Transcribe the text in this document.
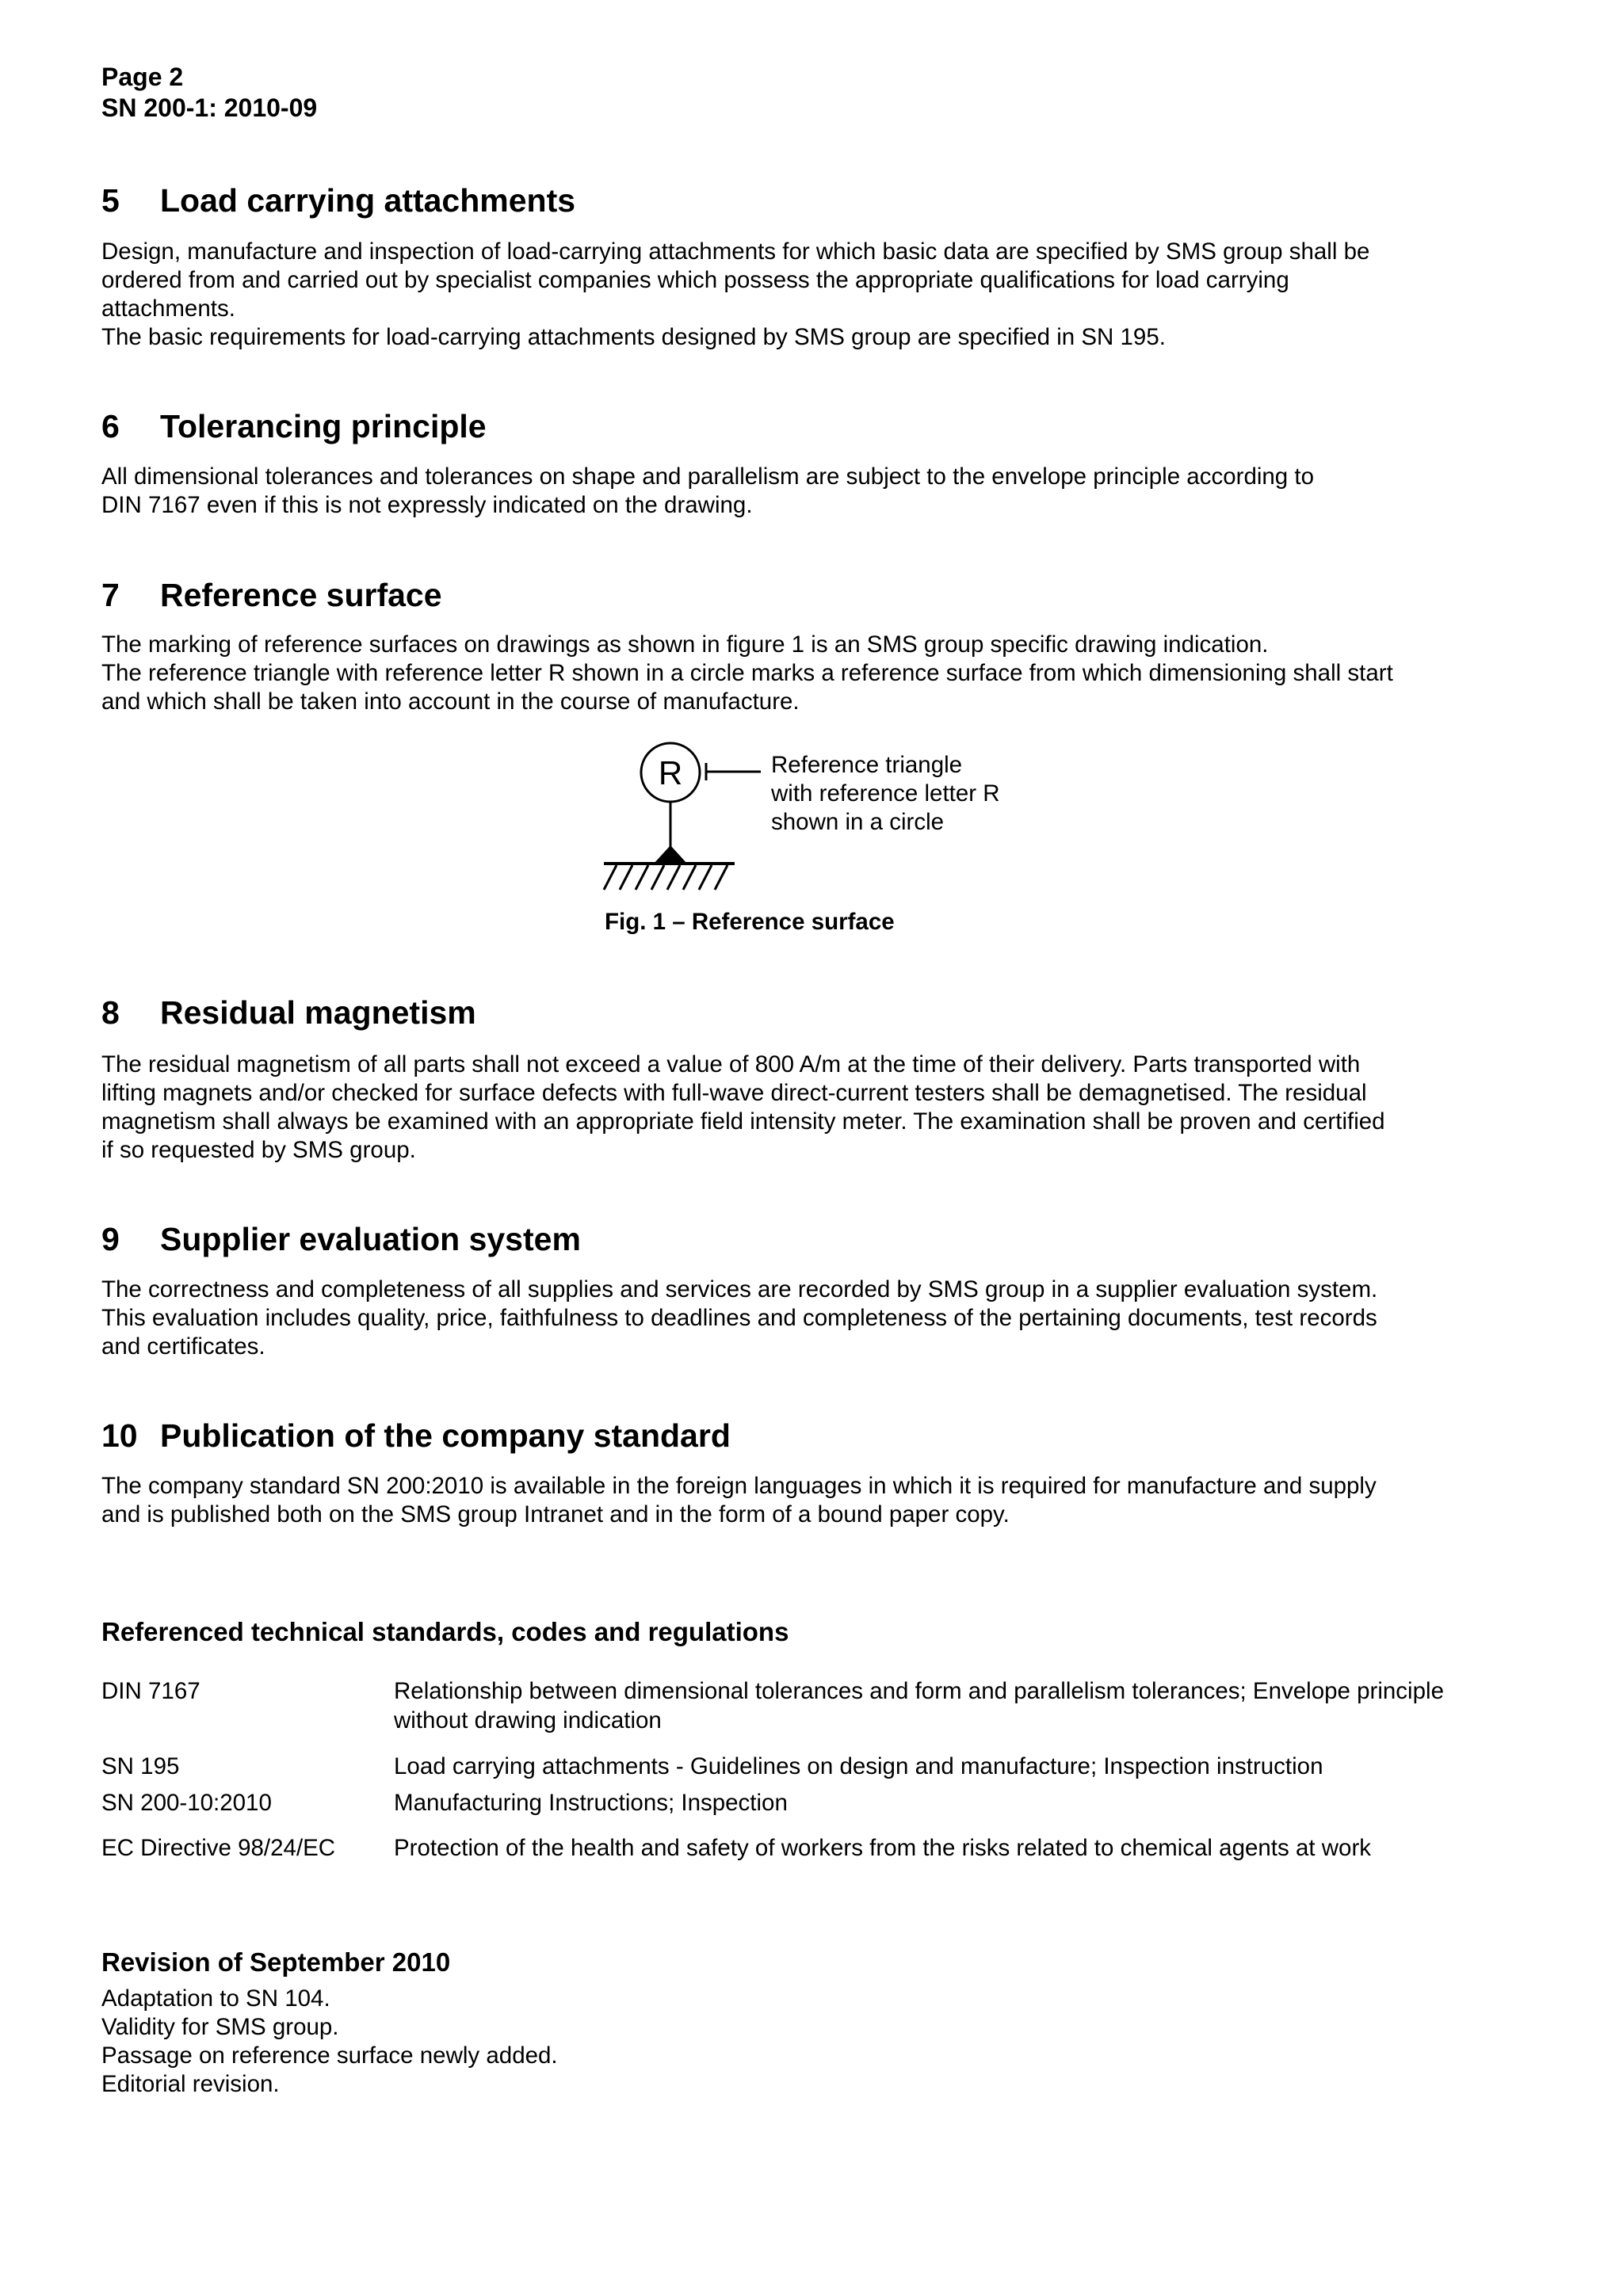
Page 2
SN 200-1: 2010-09
5 Load carrying attachments
Design, manufacture and inspection of load-carrying attachments for which basic data are specified by SMS group shall be
ordered from and carried out by specialist companies which possess the appropriate qualifications for load carrying
attachments.
The basic requirements for load-carrying attachments designed by SMS group are specified in SN 195.
6 Tolerancing principle
All dimensional tolerances and tolerances on shape and parallelism are subject to the envelope principle according to
DIN 7167 even if this is not expressly indicated on the drawing.
7 Reference surface
The marking of reference surfaces on drawings as shown in figure 1 is an SMS group specific drawing indication.
The reference triangle with reference letter R shown in a circle marks a reference surface from which dimensioning shall start
and which shall be taken into account in the course of manufacture.
R	Reference triangle
with reference letter R
shown in a circle
Fig. 1 – Reference surface
8 Residual magnetism
The residual magnetism of all parts shall not exceed a value of 800 A/m at the time of their delivery. Parts transported with
lifting magnets and/or checked for surface defects with full-wave direct-current testers shall be demagnetised. The residual
magnetism shall always be examined with an appropriate field intensity meter. The examination shall be proven and certified
if so requested by SMS group.
9 Supplier evaluation system
The correctness and completeness of all supplies and services are recorded by SMS group in a supplier evaluation system.
This evaluation includes quality, price, faithfulness to deadlines and completeness of the pertaining documents, test records
and certificates.
10 Publication of the company standard
The company standard SN 200:2010 is available in the foreign languages in which it is required for manufacture and supply
and is published both on the SMS group Intranet and in the form of a bound paper copy.
Referenced technical standards, codes and regulations
DIN 7167	Relationship between dimensional tolerances and form and parallelism tolerances; Envelope principle without drawing indication
SN 195	Load carrying attachments - Guidelines on design and manufacture; Inspection instruction
SN 200-10:2010	Manufacturing Instructions; Inspection
EC Directive 98/24/EC	Protection of the health and safety of workers from the risks related to chemical agents at work
Revision of September 2010
Adaptation to SN 104.
Validity for SMS group.
Passage on reference surface newly added.
Editorial revision.
